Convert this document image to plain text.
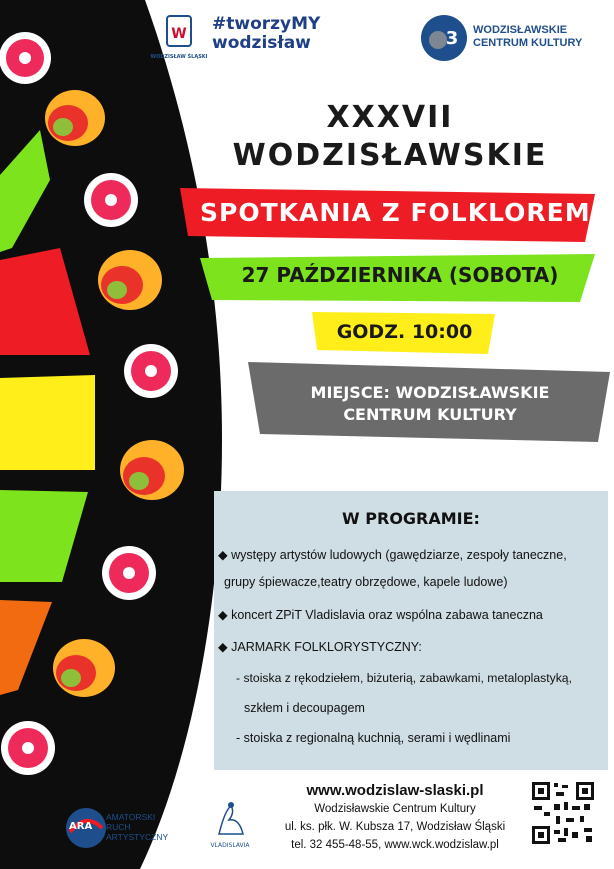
W
WODZISŁAW ŚLĄSKI
#tworzyMY
wodzisław	3 WODZISŁAWSKIE
CENTRUM KULTURY
XXXVII
WODZISŁAWSKIE
SPOTKANIA Z FOLKLOREM
27 PAŹDZIERNIKA (SOBOTA)
GODZ. 10:00
MIEJSCE: WODZISŁAWSKIE
CENTRUM KULTURY
W PROGRAMIE:
◆ występy artystów ludowych (gawędziarze, zespoły taneczne,
grupy śpiewacze,teatry obrzędowe, kapele ludowe)
◆ koncert ZPiT Vladislavia oraz wspólna zabawa taneczna
◆ JARMARK FOLKLORYSTYCZNY:
- stoiska z rękodziełem, biżuterią, zabawkami, metaloplastyką,
szkłem i decoupagem
- stoiska z regionalną kuchnią, serami i wędlinami
ARA
AMATORSKI
RUCH
ARTYSTYCZNY
VLADISLAVIA
www.wodzislaw-slaski.pl
Wodzisławskie Centrum Kultury
ul. ks. płk. W. Kubsza 17, Wodzisław Śląski
tel. 32 455-48-55, www.wck.wodzislaw.pl
